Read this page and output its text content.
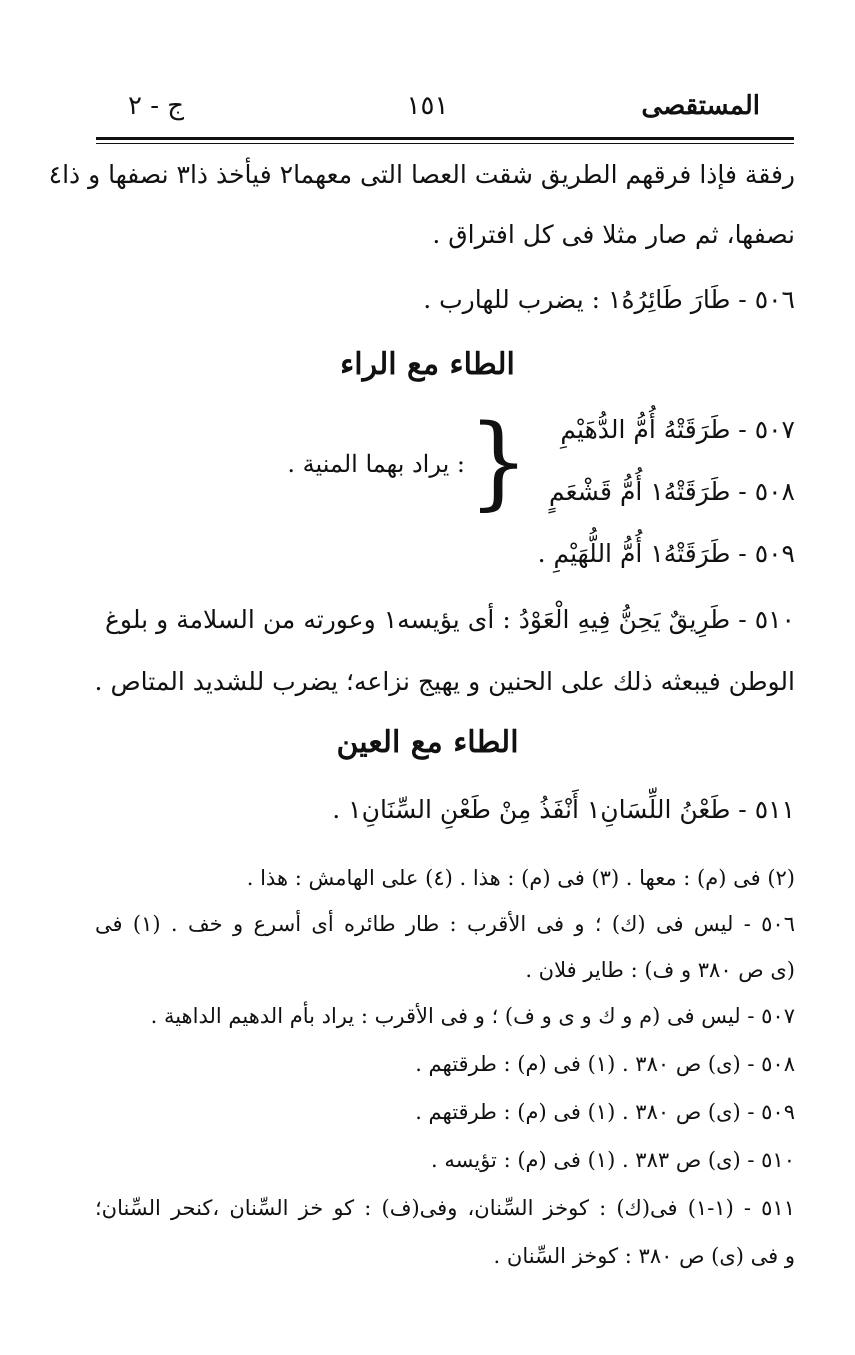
المستقصى
١٥١
ج - ٢
رفقة فإذا فرقهم الطريق شقت العصا التى معهما٢ فيأخذ ذا٣ نصفها و ذا٤
نصفها، ثم صار مثلا فى كل افتراق .
٥٠٦ - طَارَ طَائِرُهُ١ : يضرب للهارب .
الطاء مع الراء
٥٠٧ - طَرَقَتْهُ أُمُّ الدُّهَيْمِ
٥٠٨ - طَرَقَتْهُ١ أُمُّ قَشْعَمٍ
}
: يراد بهما المنية .
٥٠٩ - طَرَقَتْهُ١ أُمُّ اللُّهَيْمِ .
٥١٠ - طَرِيقٌ يَحِنُّ فِيهِ الْعَوْدُ : أى يؤيسه١ وعورته من السلامة و بلوغ
الوطن فيبعثه ذلك على الحنين و يهيج نزاعه؛ يضرب للشديد المتاص .
الطاء مع العين
٥١١ - طَعْنُ اللِّسَانِ١ أَنْفَذُ مِنْ طَعْنِ السِّنَانِ١ .
(٢) فى (م) : معها . (٣) فى (م) : هذا . (٤) على الهامش : هذا .
٥٠٦ - ليس فى (ك) ؛ و فى الأقرب : طار طائره أى أسرع و خف . (١) فى
(ى ص ٣٨٠ و ف) : طاير فلان .
٥٠٧ - ليس فى (م و ك و ى و ف) ؛ و فى الأقرب : يراد بأم الدهيم الداهية .
٥٠٨ - (ى) ص ٣٨٠ . (١) فى (م) : طرقتهم .
٥٠٩ - (ى) ص ٣٨٠ . (١) فى (م) : طرقتهم .
٥١٠ - (ى) ص ٣٨٣ . (١) فى (م) : تؤيسه .
٥١١ - (١-١) فى(ك) : كوخز السِّنان، وفى(ف) : كو خز السِّنان ،كنحر السِّنان؛
و فى (ى) ص ٣٨٠ : كوخز السِّنان .
